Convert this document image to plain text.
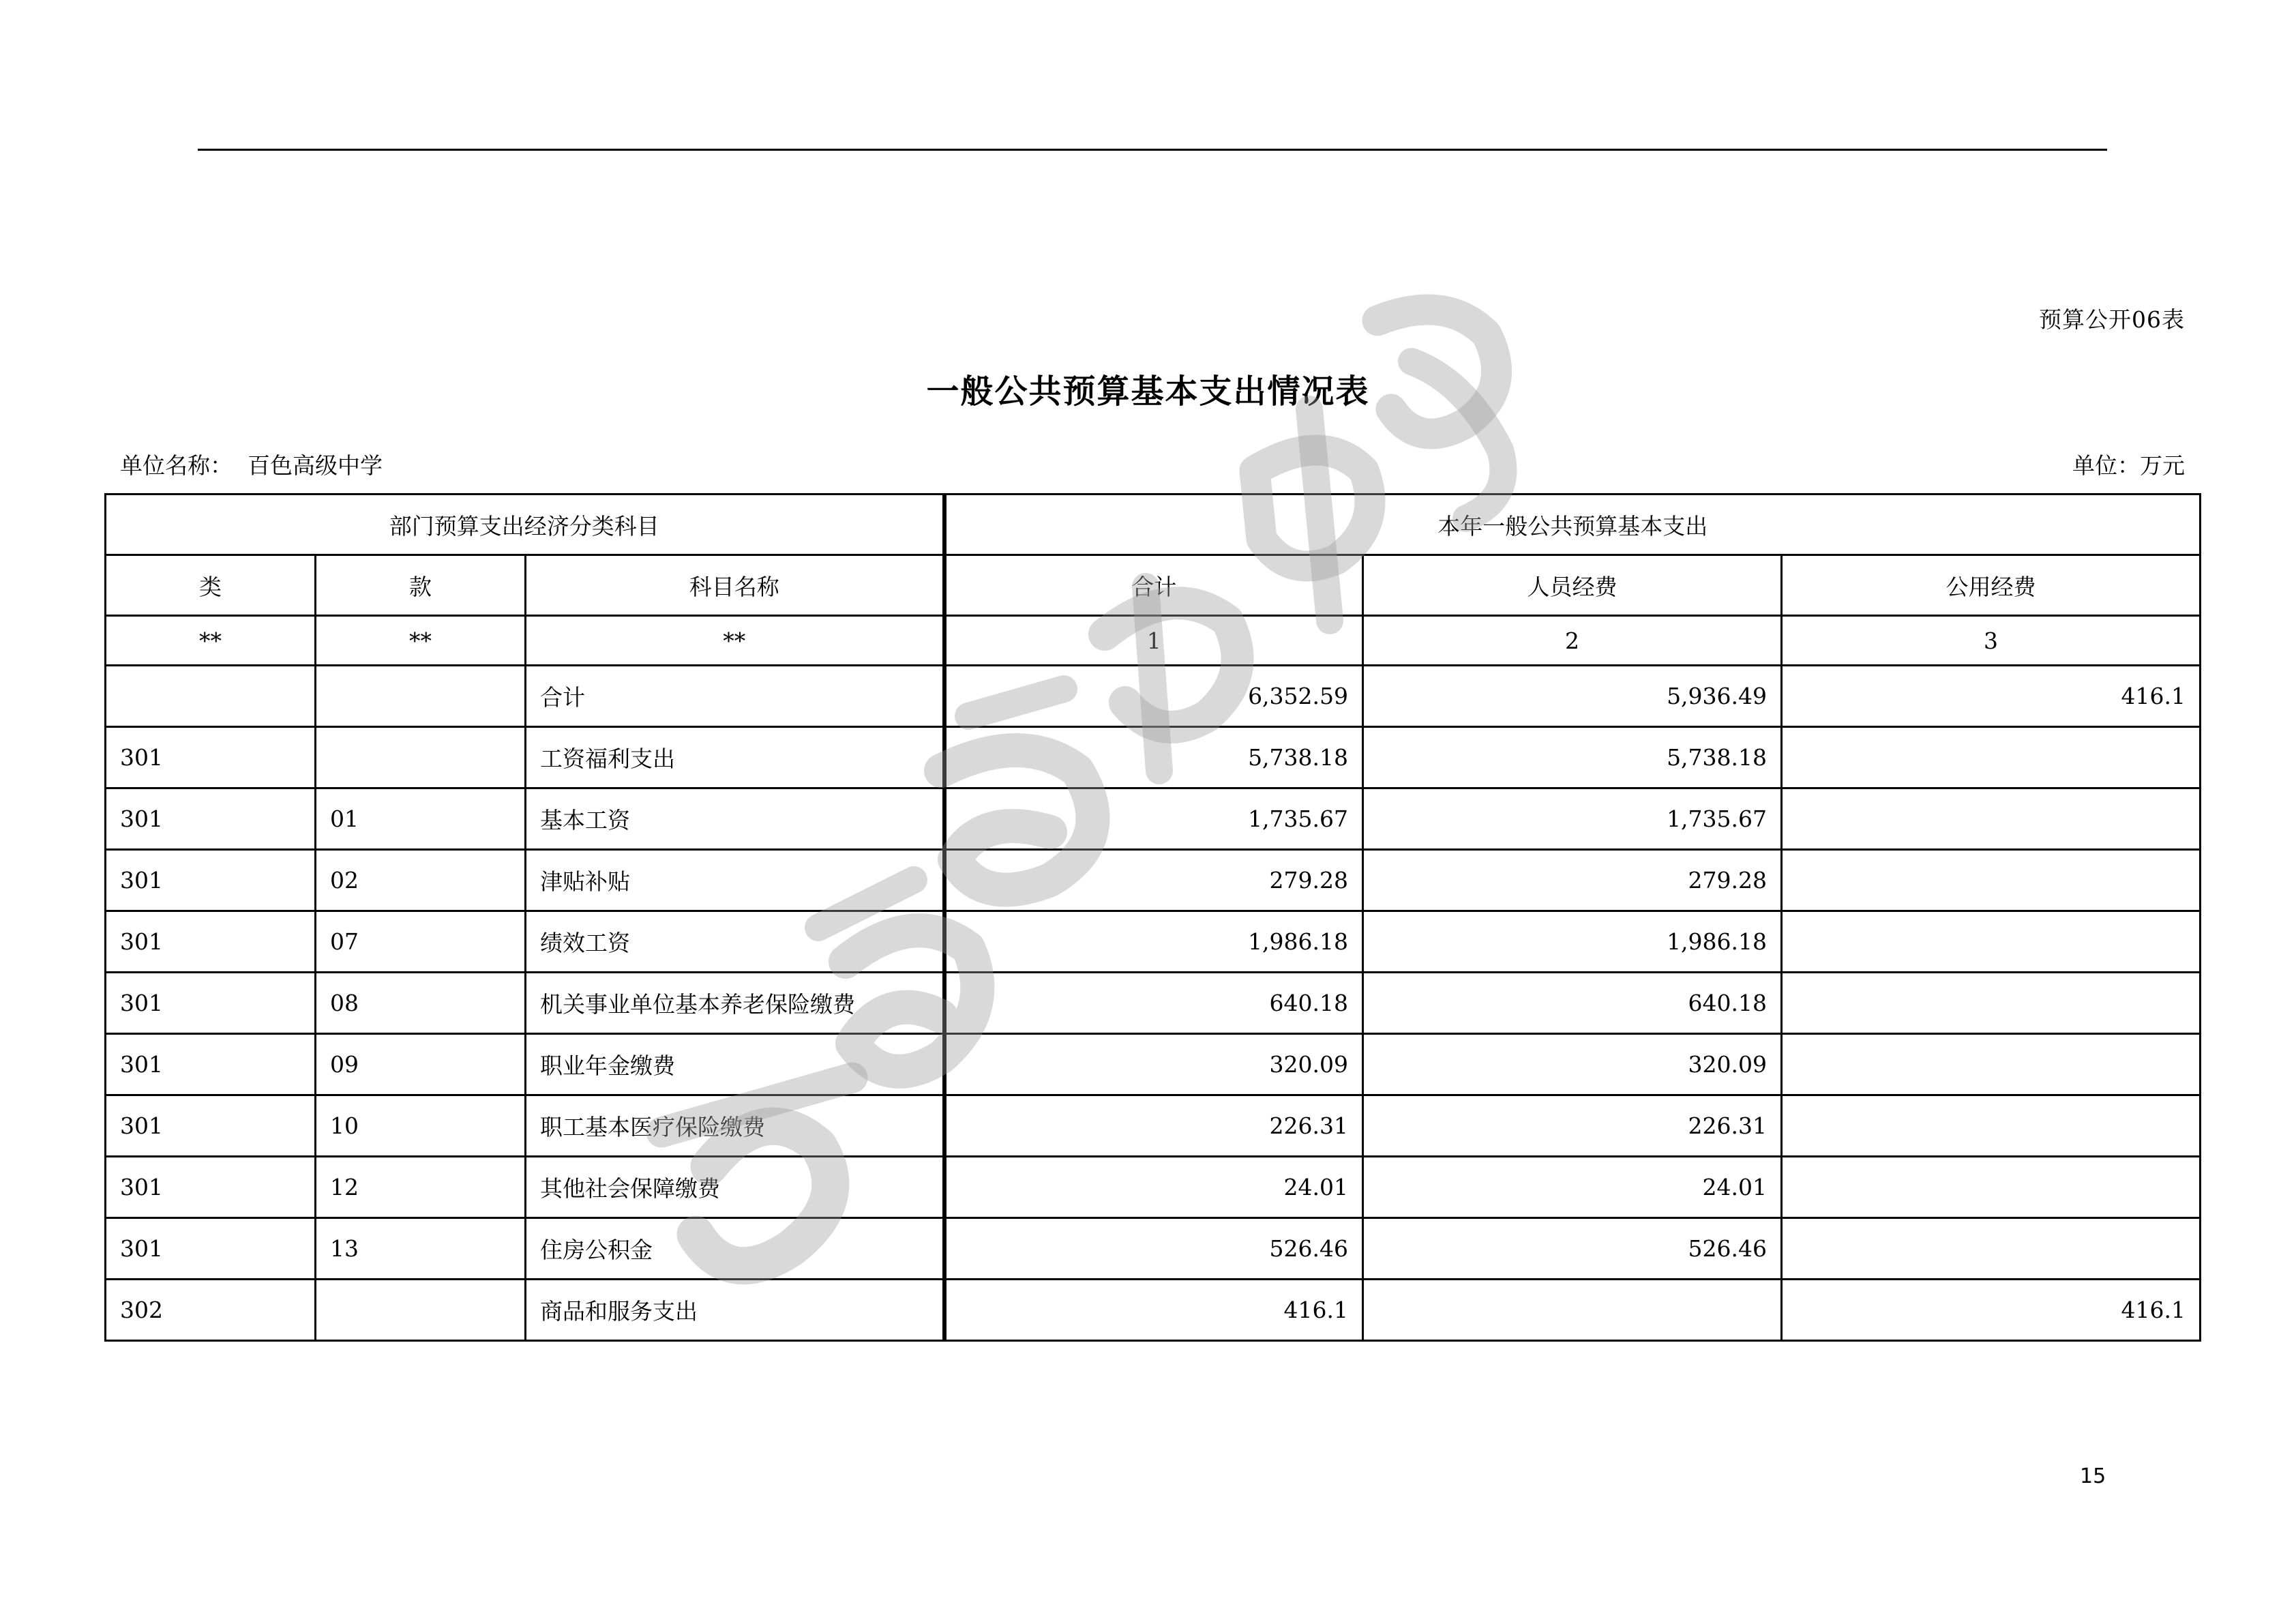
预算公开06表
一般公共预算基本支出情况表
单位名称： 百色高级中学	单位：万元
部门预算支出经济分类科目			本年一般公共预算基本支出		
类	款	科目名称	合计	人员经费	公用经费
**	**	**	1	2	3
		合计	6,352.59	5,936.49	416.1
301		工资福利支出	5,738.18	5,738.18	
301	01	基本工资	1,735.67	1,735.67	
301	02	津贴补贴	279.28	279.28	
301	07	绩效工资	1,986.18	1,986.18	
301	08	机关事业单位基本养老保险缴费	640.18	640.18	
301	09	职业年金缴费	320.09	320.09	
301	10	职工基本医疗保险缴费	226.31	226.31	
301	12	其他社会保障缴费	24.01	24.01	
301	13	住房公积金	526.46	526.46	
302		商品和服务支出	416.1		416.1
15
